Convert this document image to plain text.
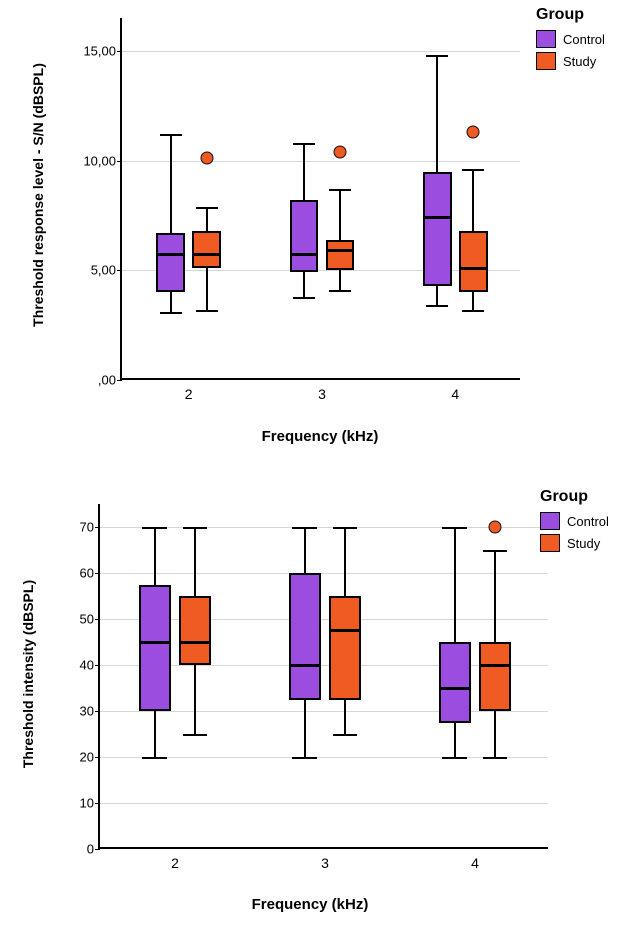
Threshold response level - S/N (dBSPL)
,00
5,00
10,00
15,00
2	3	4
Frequency (kHz)
Group
Control
Study
Threshold intensity (dBSPL)
0
10
20
30
40
50
60
70
2	3	4
Frequency (kHz)
Group
Control
Study
